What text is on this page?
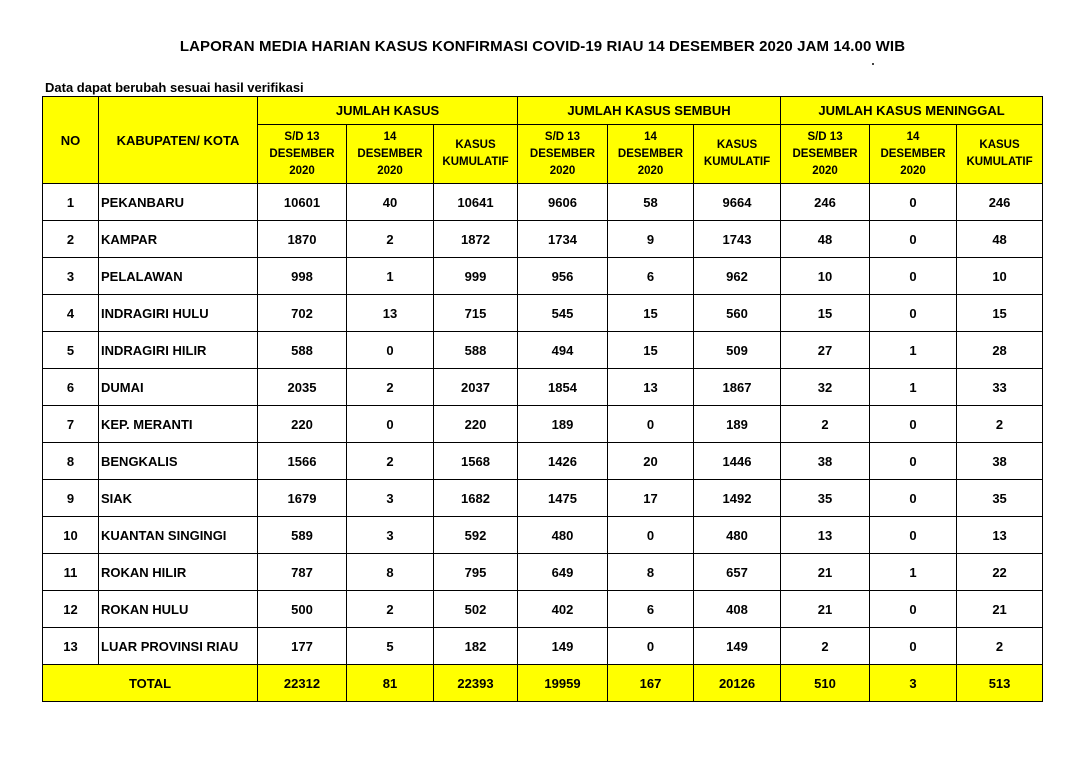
LAPORAN MEDIA HARIAN KASUS KONFIRMASI COVID-19 RIAU 14 DESEMBER 2020 JAM 14.00 WIB
Data dapat berubah sesuai hasil verifikasi
NO	KABUPATEN/ KOTA	JUMLAH KASUS			JUMLAH KASUS SEMBUH			JUMLAH KASUS MENINGGAL		
		S/D 13
DESEMBER
2020	14
DESEMBER
2020	KASUS
KUMULATIF	S/D 13
DESEMBER
2020	14
DESEMBER
2020	KASUS
KUMULATIF	S/D 13
DESEMBER
2020	14
DESEMBER
2020	KASUS
KUMULATIF
1	PEKANBARU	10601	40	10641	9606	58	9664	246	0	246
2	KAMPAR	1870	2	1872	1734	9	1743	48	0	48
3	PELALAWAN	998	1	999	956	6	962	10	0	10
4	INDRAGIRI HULU	702	13	715	545	15	560	15	0	15
5	INDRAGIRI HILIR	588	0	588	494	15	509	27	1	28
6	DUMAI	2035	2	2037	1854	13	1867	32	1	33
7	KEP. MERANTI	220	0	220	189	0	189	2	0	2
8	BENGKALIS	1566	2	1568	1426	20	1446	38	0	38
9	SIAK	1679	3	1682	1475	17	1492	35	0	35
10	KUANTAN SINGINGI	589	3	592	480	0	480	13	0	13
11	ROKAN HILIR	787	8	795	649	8	657	21	1	22
12	ROKAN HULU	500	2	502	402	6	408	21	0	21
13	LUAR PROVINSI RIAU	177	5	182	149	0	149	2	0	2
TOTAL		22312	81	22393	19959	167	20126	510	3	513
